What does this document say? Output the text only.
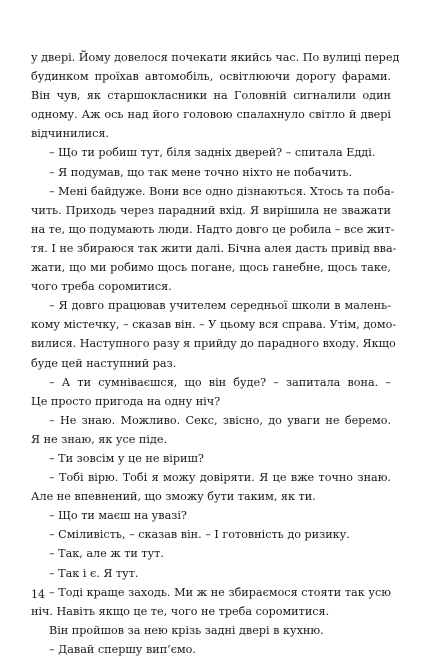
у двері. Йому довелося почекати якийсь час. По вулиці перед
будинком проїхав автомобіль, освітлюючи дорогу фарами.
Він чув, як старшокласники на Головній сигналили один
одному. Аж ось над його головою спалахнуло світло й двері
відчинилися.
– Що ти робиш тут, біля задніх дверей? – спитала Едді.
– Я подумав, що так мене точно ніхто не побачить.
– Мені байдуже. Вони все одно дізнаються. Хтось та поба-
чить. Приходь через парадний вхід. Я вирішила не зважати
на те, що подумають люди. Надто довго це робила – все жит-
тя. І не збираюся так жити далі. Бічна алея дасть привід вва-
жати, що ми робимо щось погане, щось ганебне, щось таке,
чого треба соромитися.
– Я довго працював учителем середньої школи в малень-
кому містечку, – сказав він. – У цьому вся справа. Утім, домо-
вилися. Наступного разу я прийду до парадного входу. Якщо
буде цей наступний раз.
– А ти сумніваєшся, що він буде? – запитала вона. –
Це просто пригода на одну ніч?
– Не знаю. Можливо. Секс, звісно, до уваги не беремо.
Я не знаю, як усе піде.
– Ти зовсім у це не віриш?
– Тобі вірю. Тобі я можу довіряти. Я це вже точно знаю.
Але не впевнений, що зможу бути таким, як ти.
– Що ти маєш на увазі?
– Сміливість, – сказав він. – І готовність до ризику.
– Так, але ж ти тут.
– Так і є. Я тут.
– Тоді краще заходь. Ми ж не збираємося стояти так усю
ніч. Навіть якщо це те, чого не треба соромитися.
Він пройшов за нею крізь задні двері в кухню.
– Давай спершу вип’ємо.
14
